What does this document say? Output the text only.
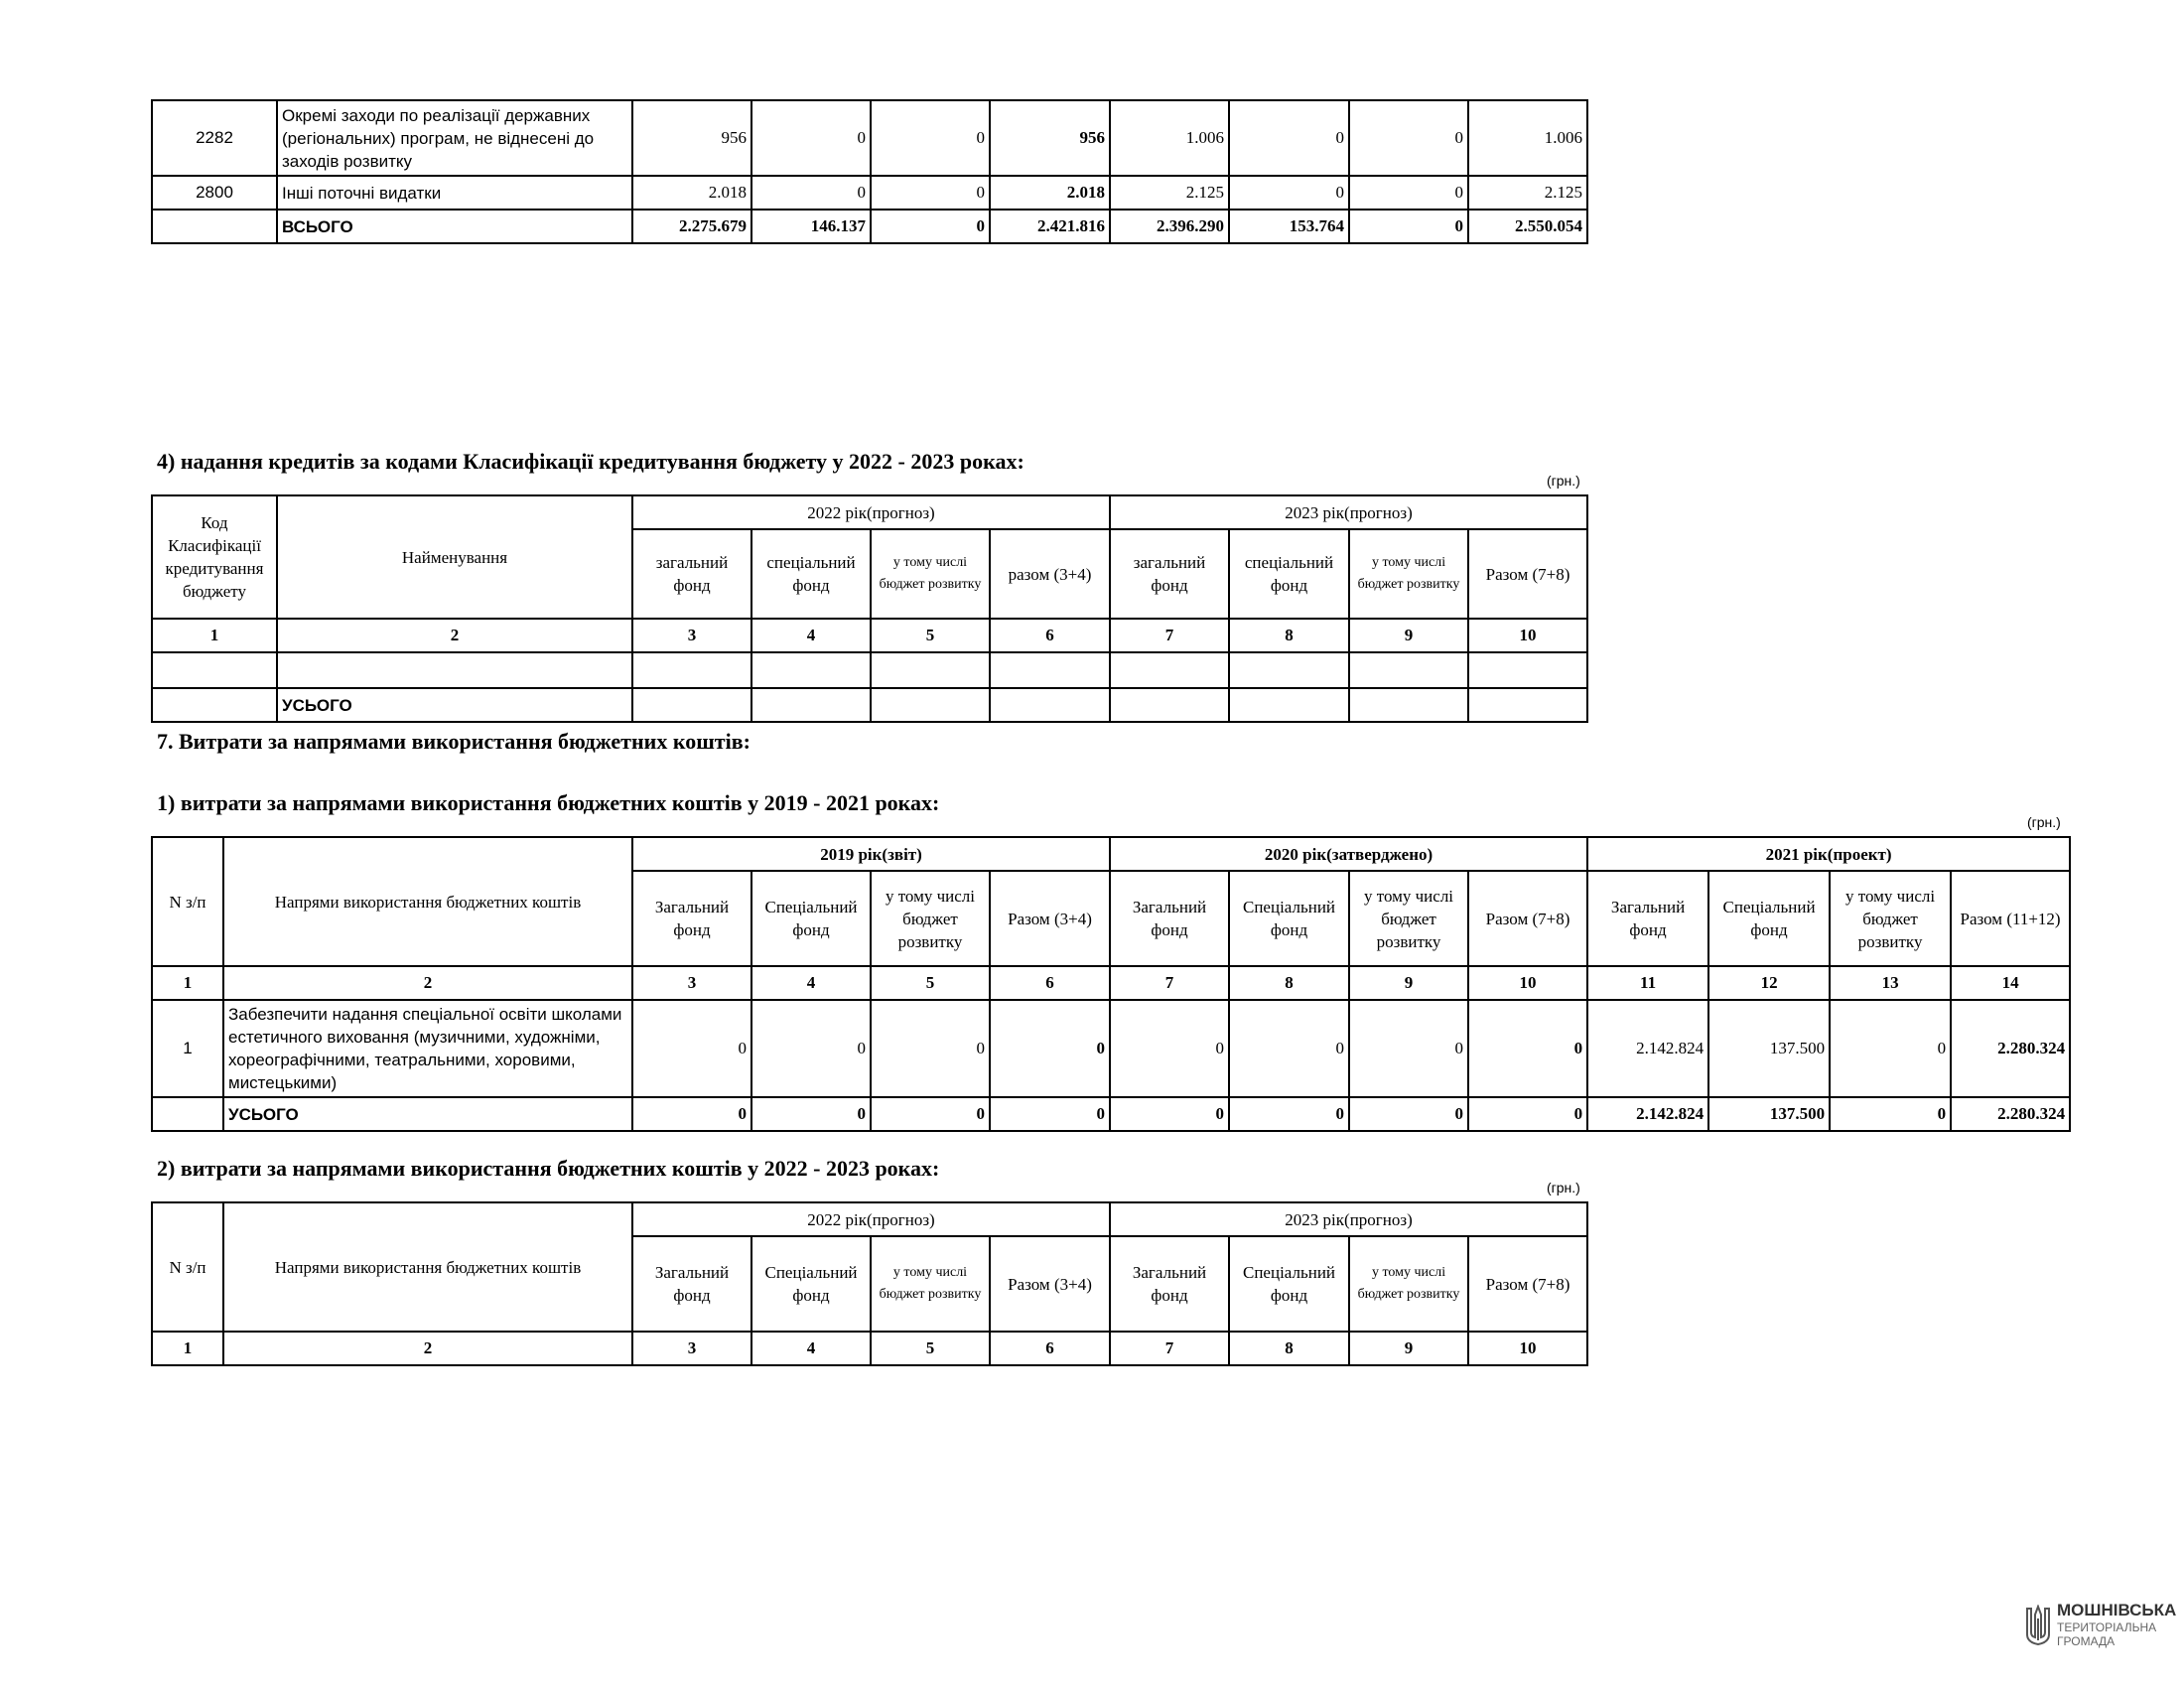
2282	Окремі заходи по реалізації державних (регіональних) програм, не віднесені до заходів розвитку	956	0	0	956	1.006	0	0	1.006
2800	Інші поточні видатки	2.018	0	0	2.018	2.125	0	0	2.125
	ВСЬОГО	2.275.679	146.137	0	2.421.816	2.396.290	153.764	0	2.550.054
4) надання кредитів за кодами Класифікації кредитування бюджету у 2022 - 2023 роках:
(грн.)
Код Класифікації кредитування бюджету	Найменування	2022 рік(прогноз)				2023 рік(прогноз)			
		загальний фонд	спеціальний фонд	у тому числі бюджет розвитку	разом (3+4)	загальний фонд	спеціальний фонд	у тому числі бюджет розвитку	Разом (7+8)
1	2	3	4	5	6	7	8	9	10

	УСЬОГО								
7. Витрати за напрямами використання бюджетних коштів:
1) витрати за напрямами використання бюджетних коштів у 2019 - 2021 роках:
(грн.)
N з/п	Напрями використання бюджетних коштів	2019 рік(звіт)				2020 рік(затверджено)				2021 рік(проект)			
		Загальний фонд	Спеціальний фонд	у тому числі бюджет розвитку	Разом (3+4)	Загальний фонд	Спеціальний фонд	у тому числі бюджет розвитку	Разом (7+8)	Загальний фонд	Спеціальний фонд	у тому числі бюджет розвитку	Разом (11+12)
1	2	3	4	5	6	7	8	9	10	11	12	13	14
1	Забезпечити надання спеціальної освіти школами естетичного виховання (музичними, художніми, хореографічними, театральними, хоровими, мистецькими)	0	0	0	0	0	0	0	0	2.142.824	137.500	0	2.280.324
	УСЬОГО	0	0	0	0	0	0	0	0	2.142.824	137.500	0	2.280.324
2) витрати за напрямами використання бюджетних коштів у 2022 - 2023 роках:
(грн.)
N з/п	Напрями використання бюджетних коштів	2022 рік(прогноз)				2023 рік(прогноз)			
		Загальний фонд	Спеціальний фонд	у тому числі бюджет розвитку	Разом (3+4)	Загальний фонд	Спеціальний фонд	у тому числі бюджет розвитку	Разом (7+8)
1	2	3	4	5	6	7	8	9	10
МОШНІВСЬКА
ТЕРИТОРІАЛЬНА
ГРОМАДА
